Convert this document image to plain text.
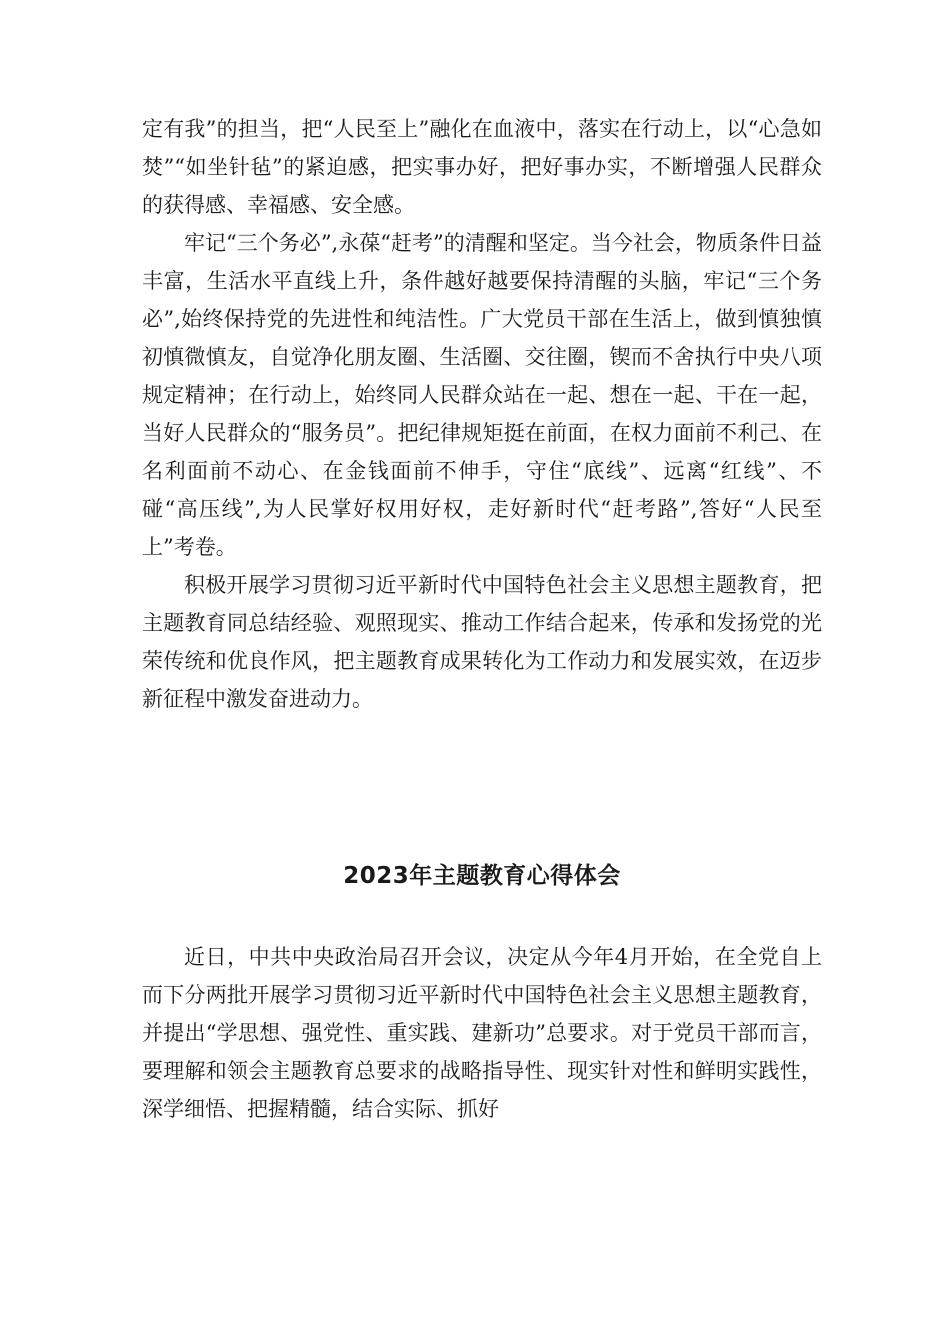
定有我”的担当，把“人民至上”融化在血液中，落实在行动上，以“心急如焚”“如坐针毡”的紧迫感，把实事办好，把好事办实，不断增强人民群众的获得感、幸福感、安全感。

牢记“三个务必”,永葆“赶考”的清醒和坚定。当今社会，物质条件日益丰富，生活水平直线上升，条件越好越要保持清醒的头脑，牢记“三个务必”,始终保持党的先进性和纯洁性。广大党员干部在生活上，做到慎独慎初慎微慎友，自觉净化朋友圈、生活圈、交往圈，锲而不舍执行中央八项规定精神；在行动上，始终同人民群众站在一起、想在一起、干在一起，当好人民群众的“服务员”。把纪律规矩挺在前面，在权力面前不利己、在名利面前不动心、在金钱面前不伸手，守住“底线”、远离“红线”、不碰“高压线”,为人民掌好权用好权，走好新时代“赶考路”,答好“人民至上”考卷。

积极开展学习贯彻习近平新时代中国特色社会主义思想主题教育，把主题教育同总结经验、观照现实、推动工作结合起来，传承和发扬党的光荣传统和优良作风，把主题教育成果转化为工作动力和发展实效，在迈步新征程中激发奋进动力。

2023年主题教育心得体会

近日，中共中央政治局召开会议，决定从今年4月开始，在全党自上而下分两批开展学习贯彻习近平新时代中国特色社会主义思想主题教育，并提出“学思想、强党性、重实践、建新功”总要求。对于党员干部而言，要理解和领会主题教育总要求的战略指导性、现实针对性和鲜明实践性，深学细悟、把握精髓，结合实际、抓好
